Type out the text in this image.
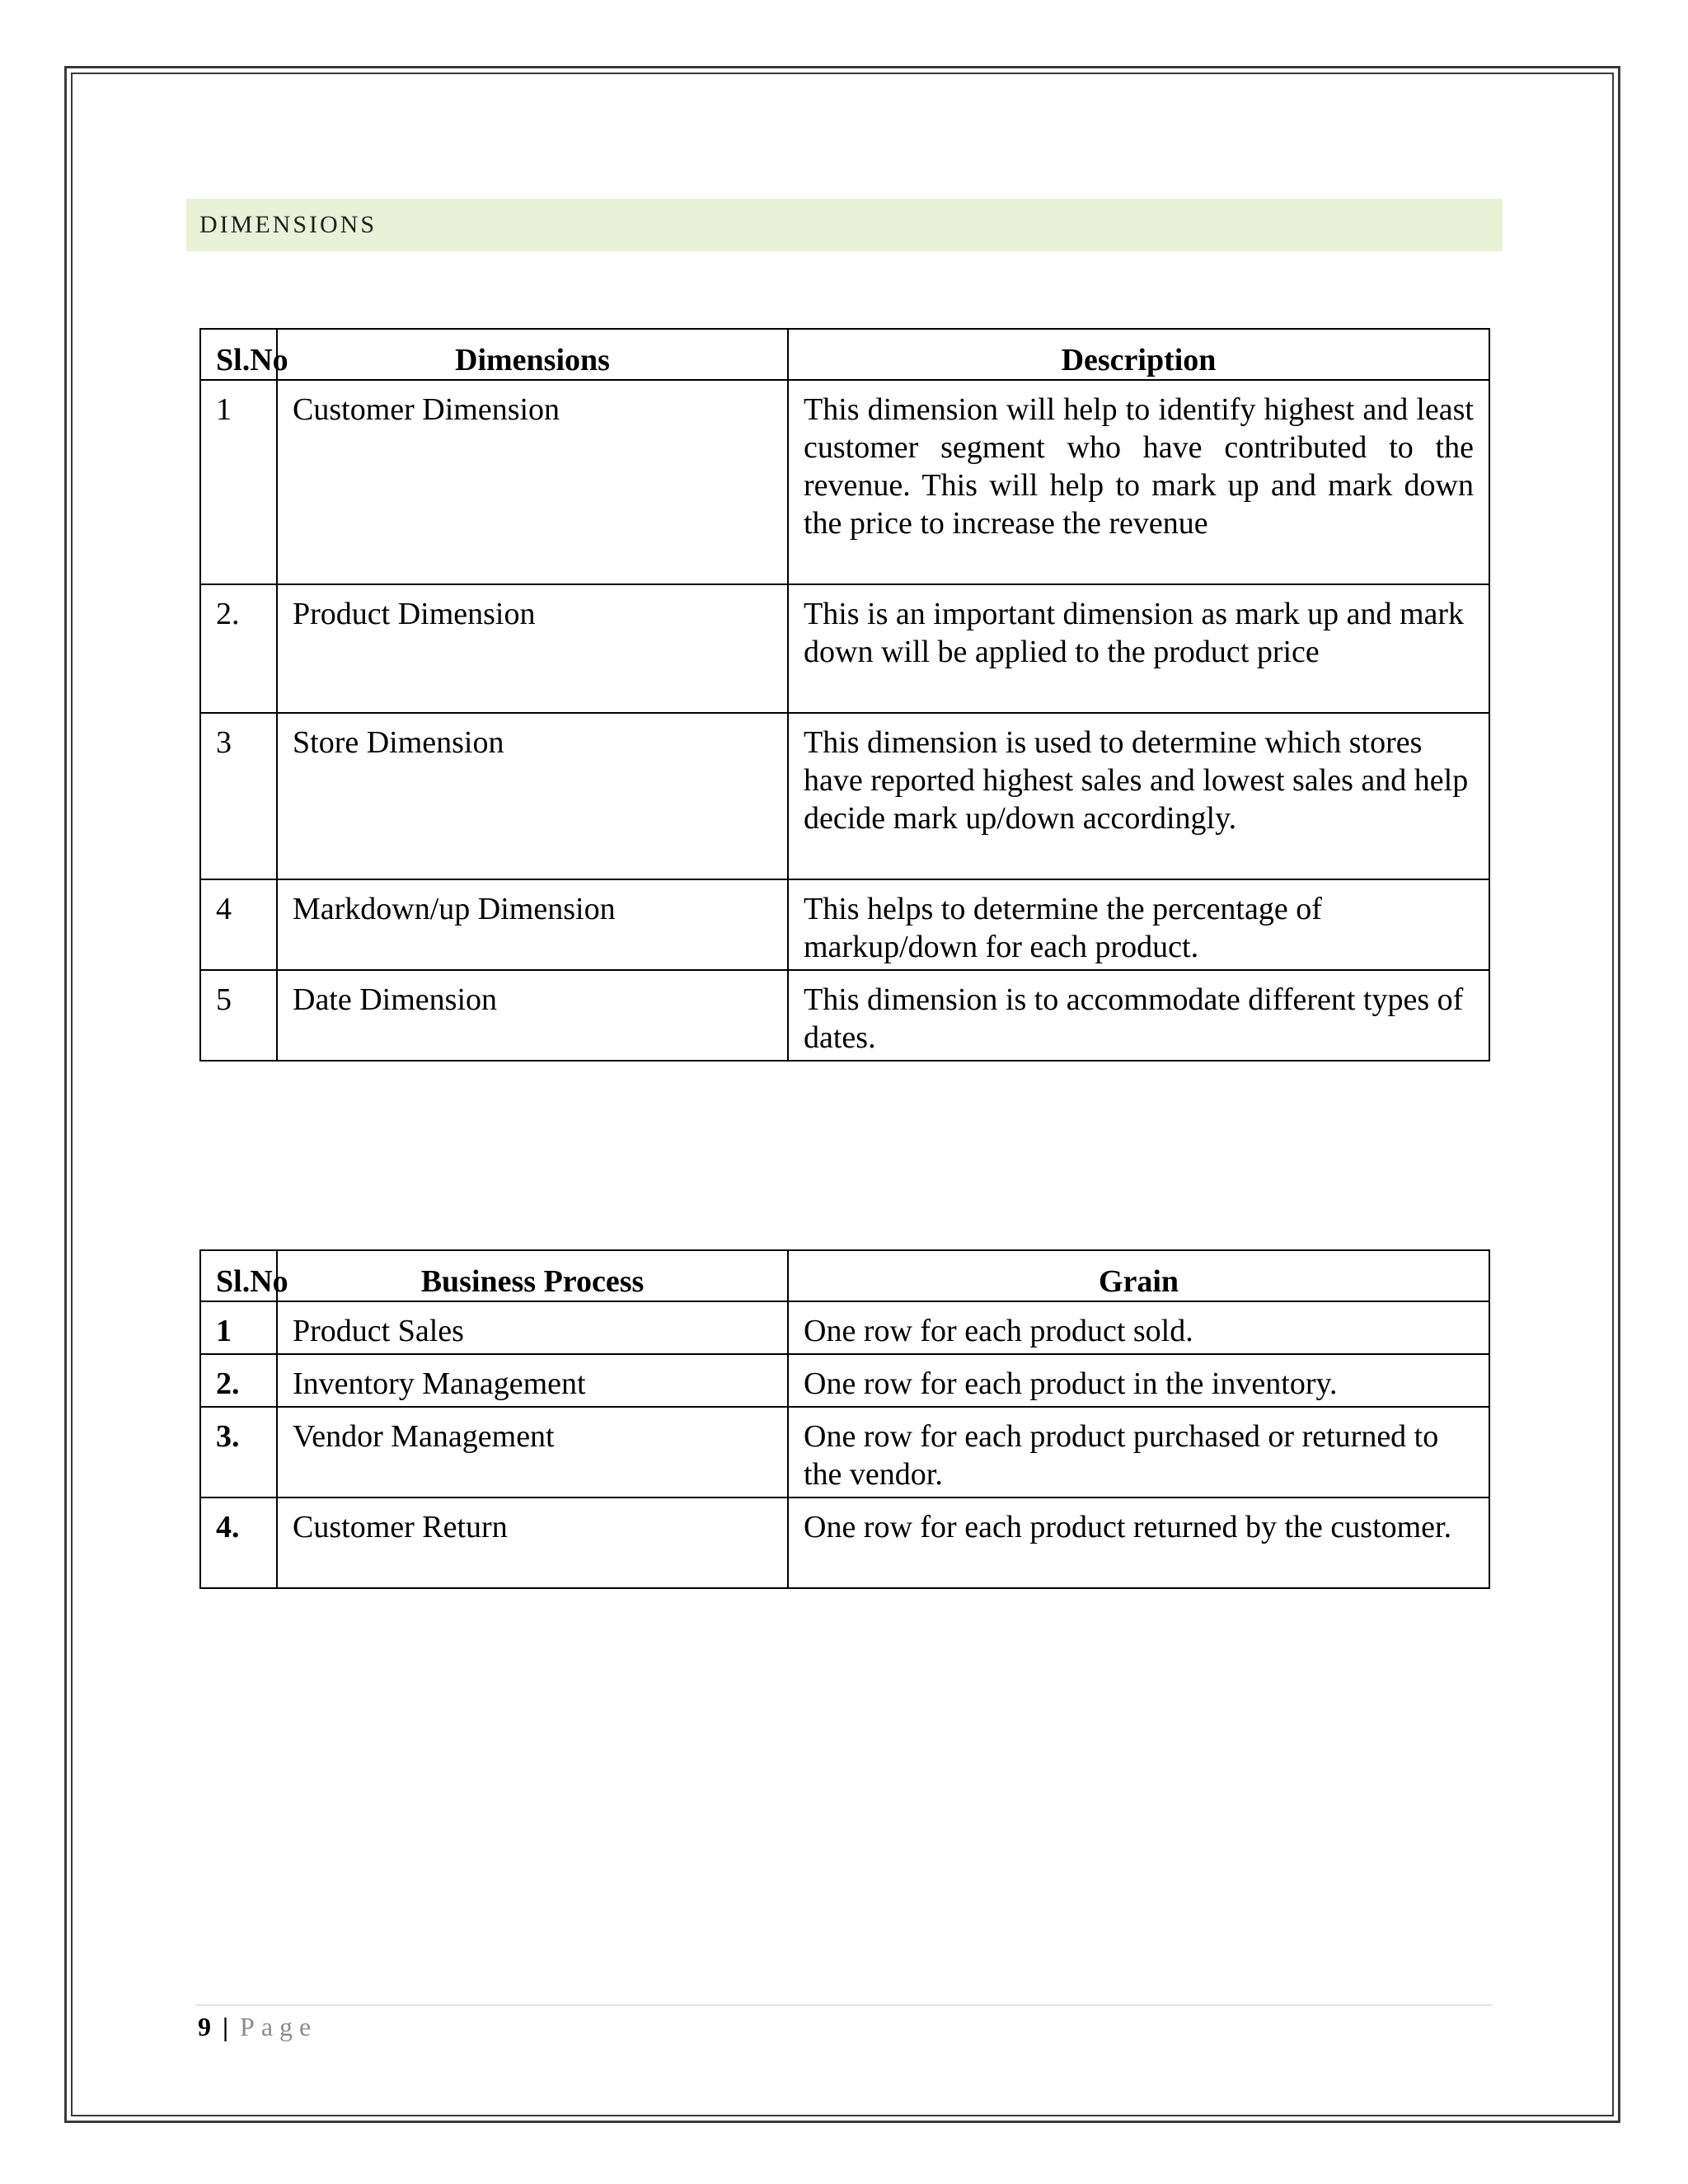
DIMENSIONS
Sl.No	Dimensions	Description
1	Customer Dimension	This dimension will help to identify highest and least customer segment who have contributed to the revenue. This will help to mark up and mark down the price to increase the revenue
2.	Product Dimension	This is an important dimension as mark up and mark down will be applied to the product price
3	Store Dimension	This dimension is used to determine which stores have reported highest sales and lowest sales and help decide mark up/down accordingly.
4	Markdown/up Dimension	This helps to determine the percentage of markup/down for each product.
5	Date Dimension	This dimension is to accommodate different types of dates.
Sl.No	Business Process	Grain
1	Product Sales	One row for each product sold.
2.	Inventory Management	One row for each product in the inventory.
3.	Vendor Management	One row for each product purchased or returned to the vendor.
4.	Customer Return	One row for each product returned by the customer.
9 | Page
